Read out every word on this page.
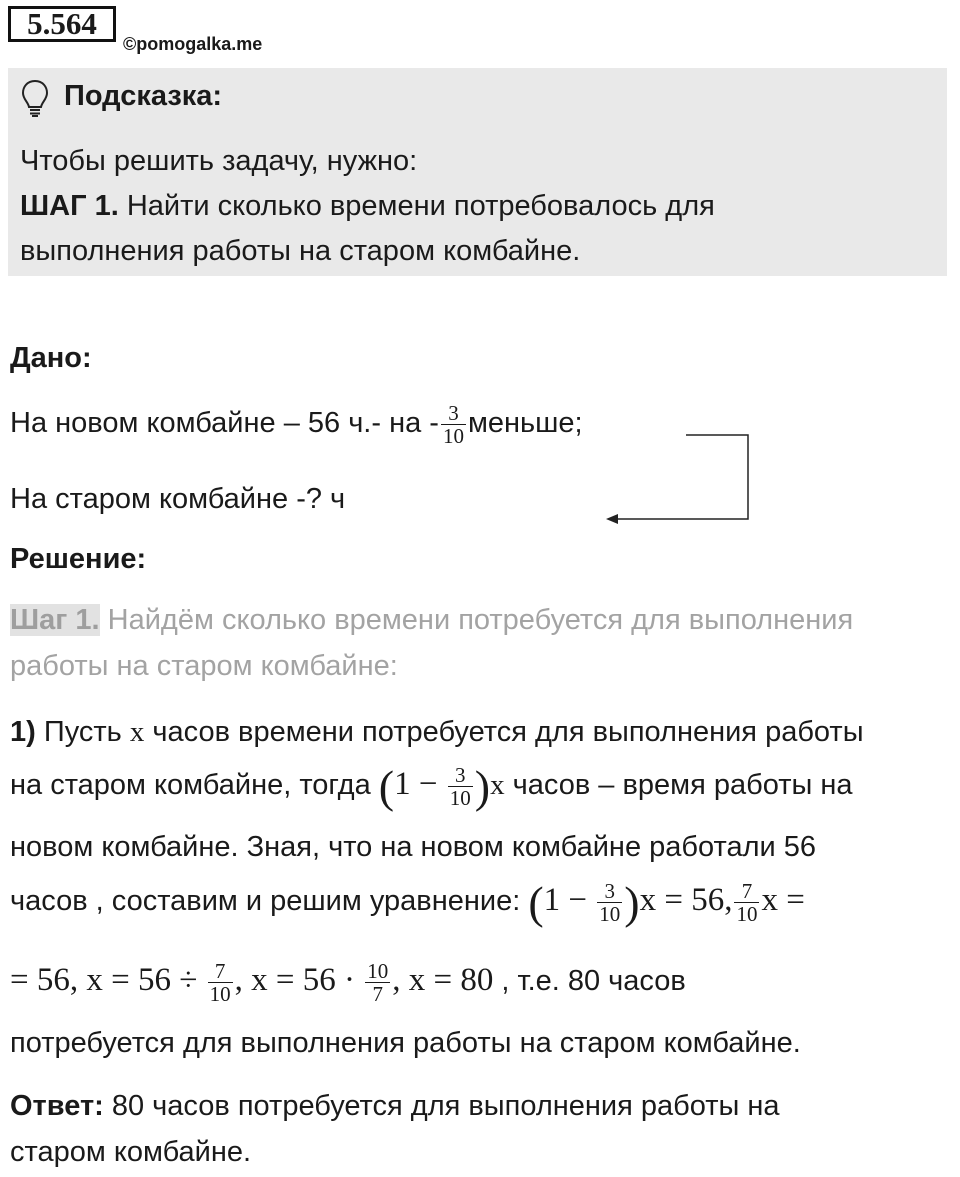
5.564
©pomogalka.me
Подсказка:
Чтобы решить задачу, нужно:
ШАГ 1. Найти сколько времени потребовалось для
выполнения работы на старом комбайне.
Дано:
На новом комбайне – 56 ч.- на - $\frac{3}{10}$ меньше;
На старом комбайне -? ч
Решение:
Шаг 1. Найдём сколько времени потребуется для выполнения
работы на старом комбайне:
1) Пусть x часов времени потребуется для выполнения работы
на старом комбайне, тогда $(1 - \frac{3}{10} )x$ часов – время работы на
новом комбайне. Зная, что на новом комбайне работали 56
часов , составим и решим уравнение: $(1 - \frac{3}{10} )x = 56$, $\frac{7}{10}$ x =
= 56, $x = 56 \div \frac{7}{10}$ , $x = 56 \cdot \frac{10}{7}$ , x = 80 , т.е. 80 часов
потребуется для выполнения работы на старом комбайне.
Ответ: 80 часов потребуется для выполнения работы на
старом комбайне.
